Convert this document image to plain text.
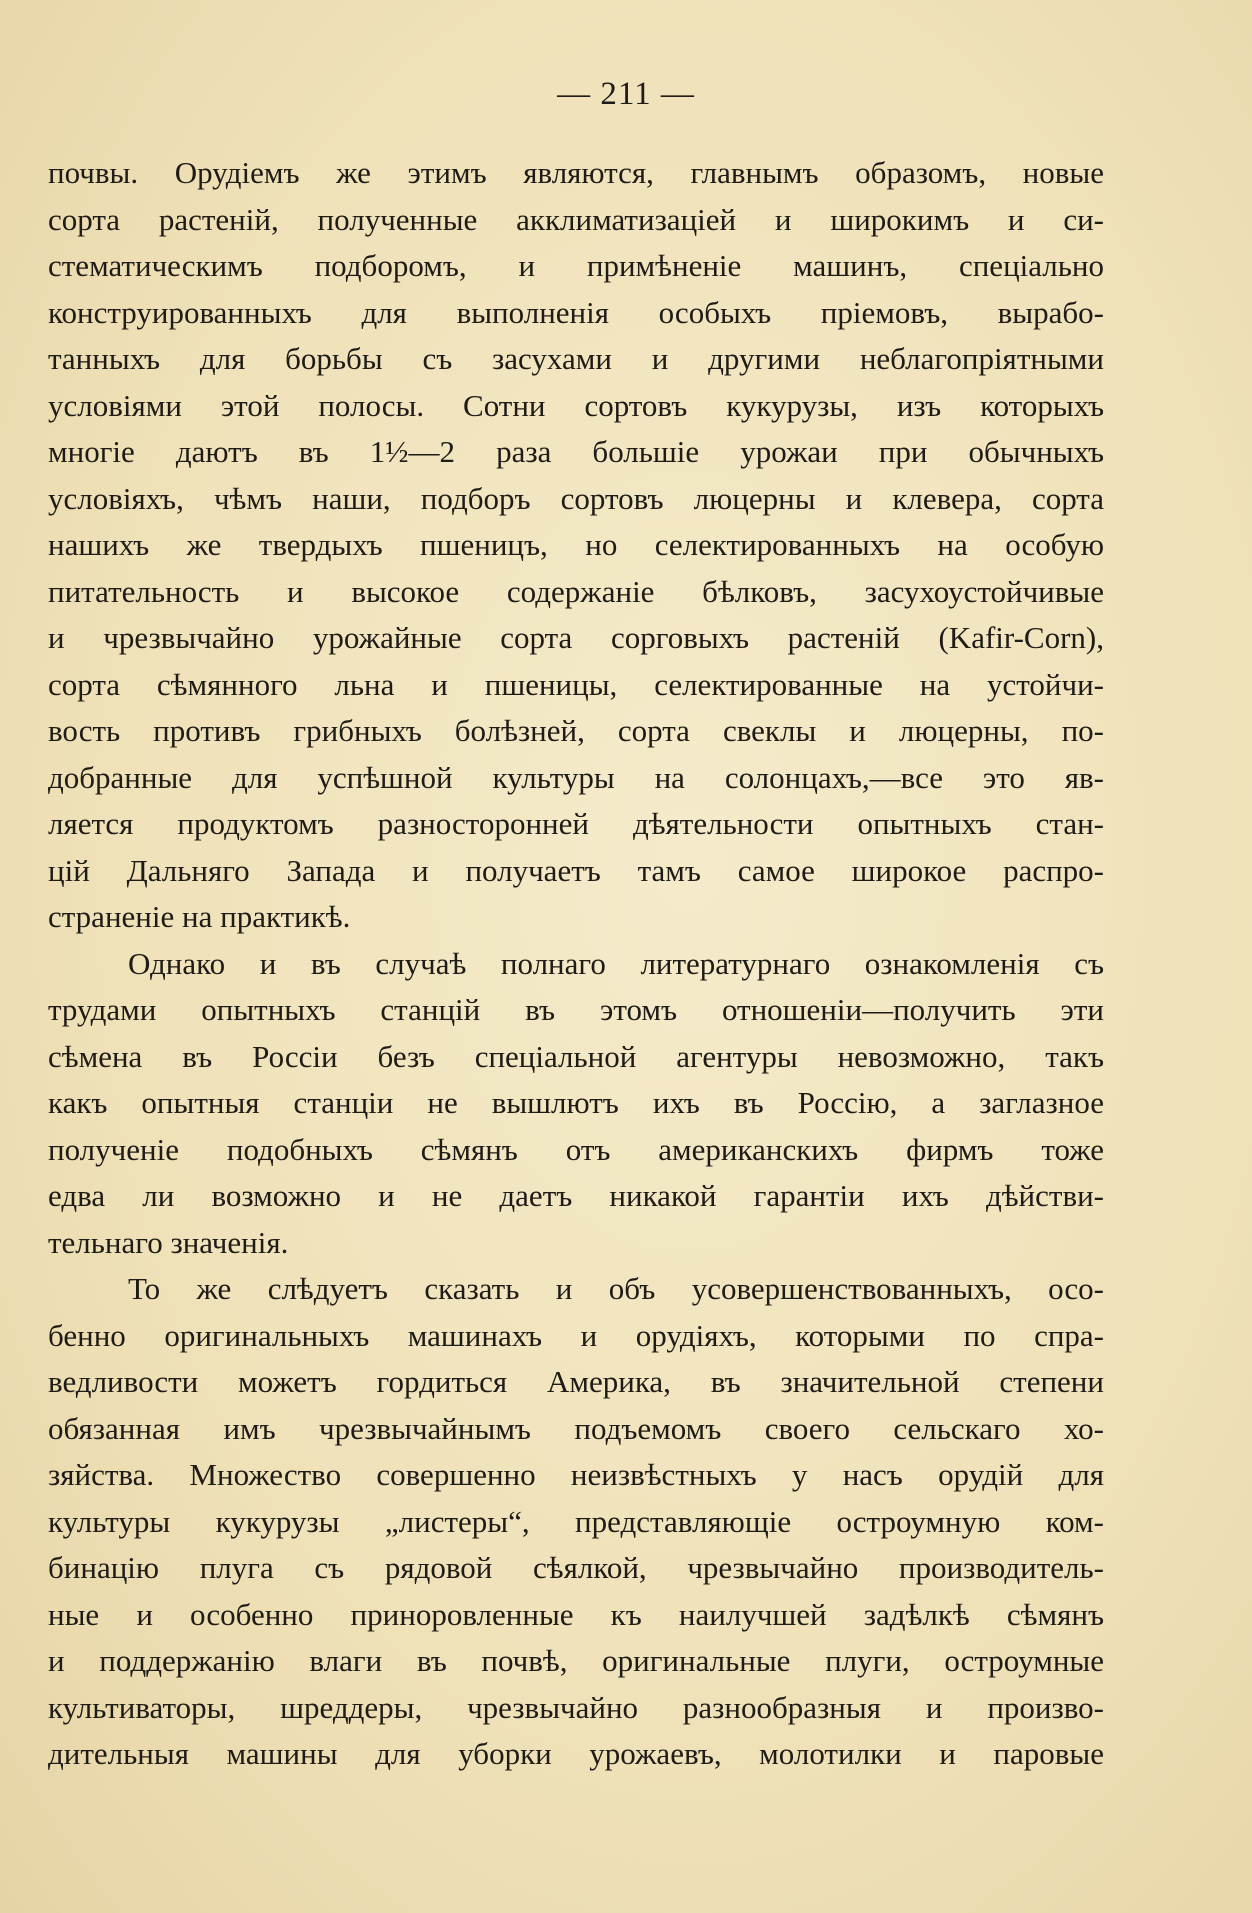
— 211 —
почвы. Орудіемъ же этимъ являются, главнымъ образомъ, новые
сорта растеній, полученные акклиматизаціей и широкимъ и си-
стематическимъ подборомъ, и примѣненіе машинъ, спеціально
конструированныхъ для выполненія особыхъ пріемовъ, вырабо-
танныхъ для борьбы съ засухами и другими неблагопріятными
условіями этой полосы. Сотни сортовъ кукурузы, изъ которыхъ
многіе даютъ въ 1½—2 раза большіе урожаи при обычныхъ
условіяхъ, чѣмъ наши, подборъ сортовъ люцерны и клевера, сорта
нашихъ же твердыхъ пшеницъ, но селектированныхъ на особую
питательность и высокое содержаніе бѣлковъ, засухоустойчивые
и чрезвычайно урожайные сорта сорговыхъ растеній (Kafir-Corn),
сорта сѣмянного льна и пшеницы, селектированные на устойчи-
вость противъ грибныхъ болѣзней, сорта свеклы и люцерны, по-
добранные для успѣшной культуры на солонцахъ,—все это яв-
ляется продуктомъ разносторонней дѣятельности опытныхъ стан-
цій Дальняго Запада и получаетъ тамъ самое широкое распро-
страненіе на практикѣ.
Однако и въ случаѣ полнаго литературнаго ознакомленія съ
трудами опытныхъ станцій въ этомъ отношеніи—получить эти
сѣмена въ Россіи безъ спеціальной агентуры невозможно, такъ
какъ опытныя станціи не вышлютъ ихъ въ Россію, а заглазное
полученіе подобныхъ сѣмянъ отъ американскихъ фирмъ тоже
едва ли возможно и не даетъ никакой гарантіи ихъ дѣйстви-
тельнаго значенія.
То же слѣдуетъ сказать и объ усовершенствованныхъ, осо-
бенно оригинальныхъ машинахъ и орудіяхъ, которыми по спра-
ведливости можетъ гордиться Америка, въ значительной степени
обязанная имъ чрезвычайнымъ подъемомъ своего сельскаго хо-
зяйства. Множество совершенно неизвѣстныхъ у насъ орудій для
культуры кукурузы „листеры“, представляющіе остроумную ком-
бинацію плуга съ рядовой сѣялкой, чрезвычайно производитель-
ные и особенно приноровленные къ наилучшей задѣлкѣ сѣмянъ
и поддержанію влаги въ почвѣ, оригинальные плуги, остроумные
культиваторы, шреддеры, чрезвычайно разнообразныя и произво-
дительныя машины для уборки урожаевъ, молотилки и паровые
